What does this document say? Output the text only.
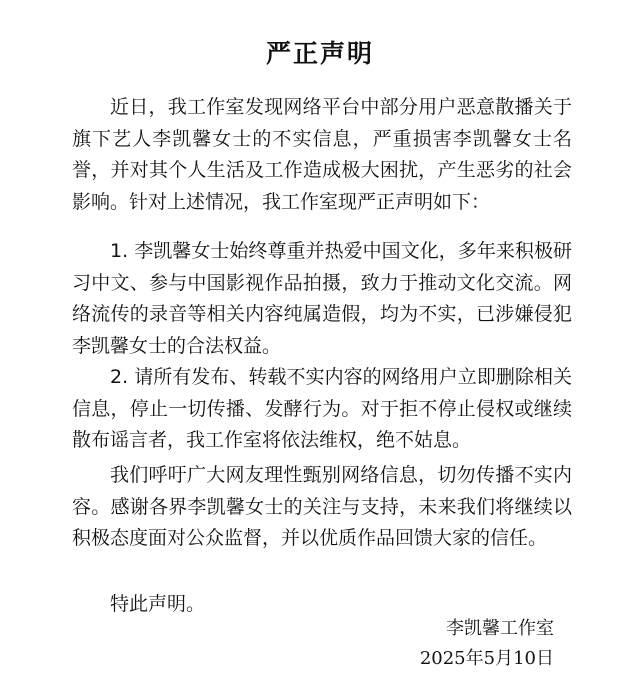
严正声明

近日，我工作室发现网络平台中部分用户恶意散播关于旗下艺人李凯馨女士的不实信息，严重损害李凯馨女士名誉，并对其个人生活及工作造成极大困扰，产生恶劣的社会影响。针对上述情况，我工作室现严正声明如下：

1. 李凯馨女士始终尊重并热爱中国文化，多年来积极研习中文、参与中国影视作品拍摄，致力于推动文化交流。网络流传的录音等相关内容纯属造假，均为不实，已涉嫌侵犯李凯馨女士的合法权益。

2. 请所有发布、转载不实内容的网络用户立即删除相关信息，停止一切传播、发酵行为。对于拒不停止侵权或继续散布谣言者，我工作室将依法维权，绝不姑息。

我们呼吁广大网友理性甄别网络信息，切勿传播不实内容。感谢各界李凯馨女士的关注与支持，未来我们将继续以积极态度面对公众监督，并以优质作品回馈大家的信任。

特此声明。

李凯馨工作室
2025年5月10日
